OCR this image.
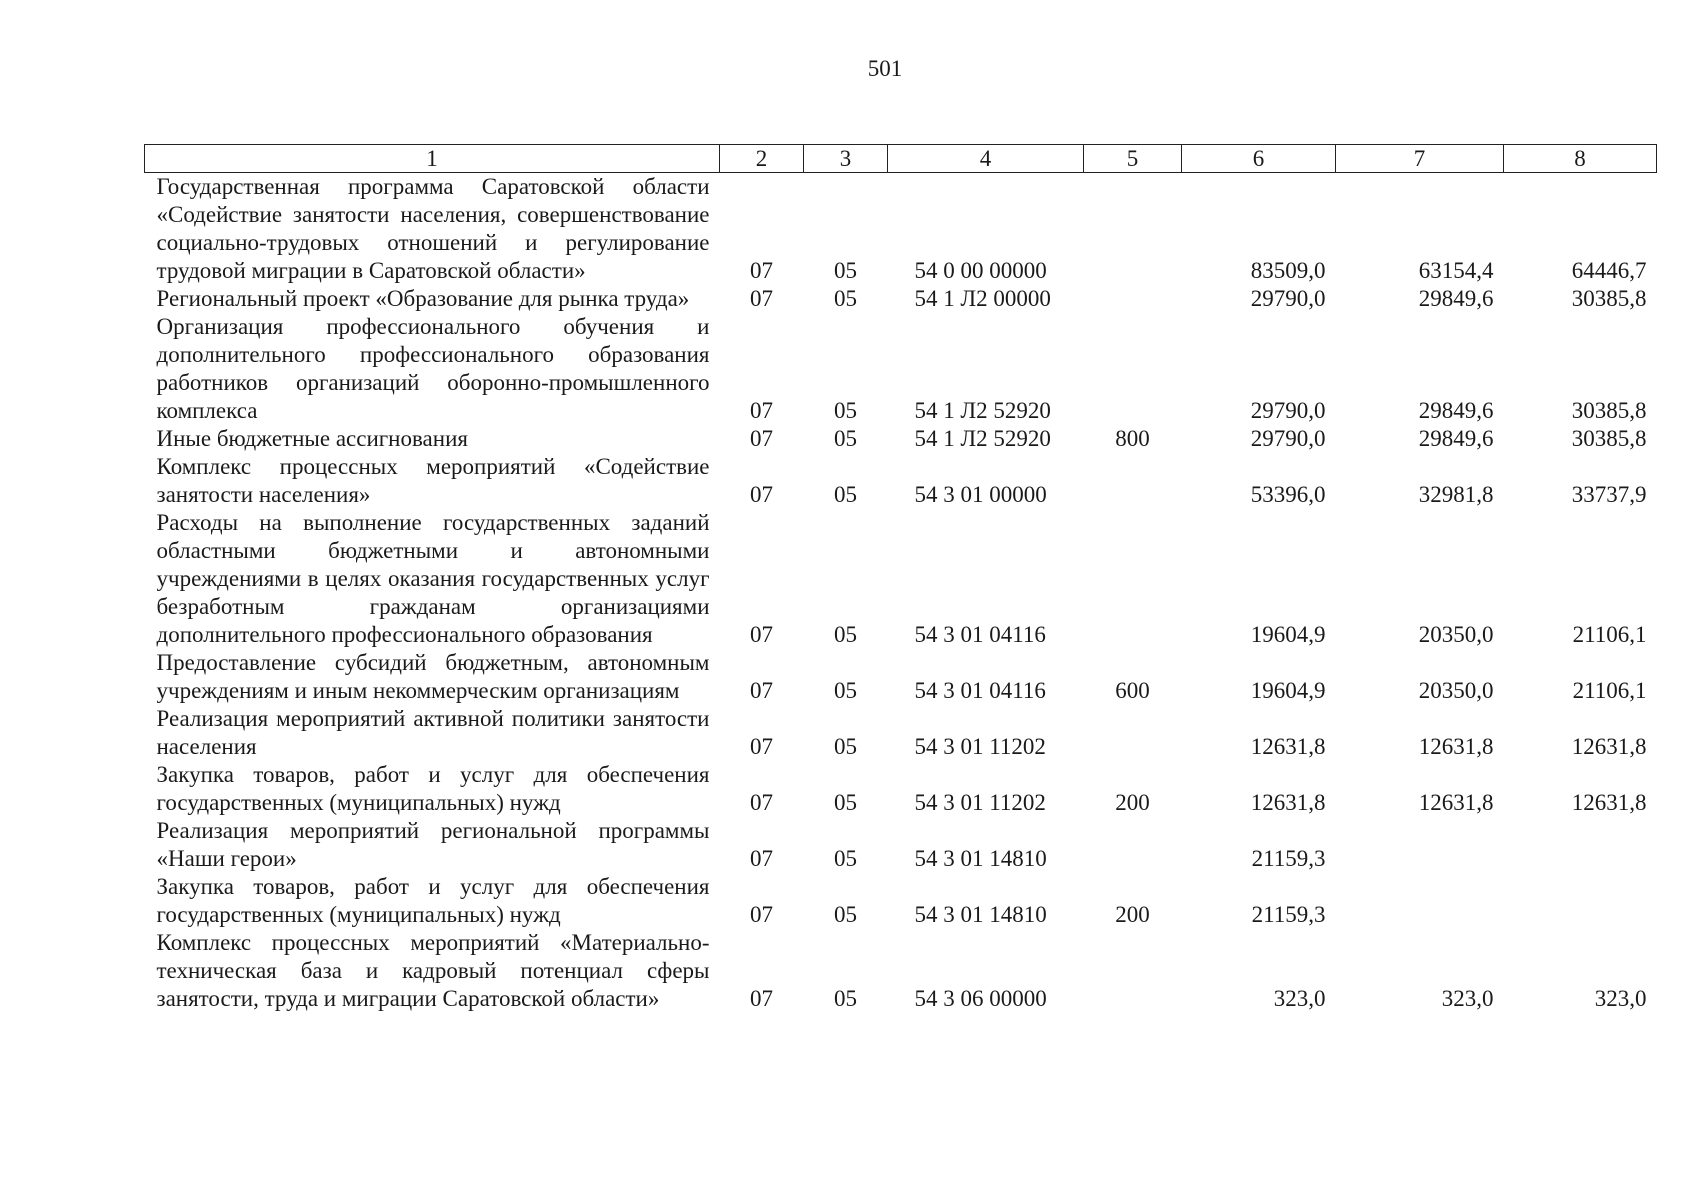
501
1	2	3	4	5	6	7	8
Государственная программа Саратовской области «Содействие занятости населения, совершенствование социально-трудовых отношений и регулирование трудовой миграции в Саратовской области»	07	05	54 0 00 00000		83509,0	63154,4	64446,7
Региональный проект «Образование для рынка труда»	07	05	54 1 Л2 00000		29790,0	29849,6	30385,8
Организация профессионального обучения и дополнительного профессионального образования работников организаций оборонно-промышленного комплекса	07	05	54 1 Л2 52920		29790,0	29849,6	30385,8
Иные бюджетные ассигнования	07	05	54 1 Л2 52920	800	29790,0	29849,6	30385,8
Комплекс процессных мероприятий «Содействие занятости населения»	07	05	54 3 01 00000		53396,0	32981,8	33737,9
Расходы на выполнение государственных заданий областными бюджетными и автономными учреждениями в целях оказания государственных услуг безработным гражданам организациями дополнительного профессионального образования	07	05	54 3 01 04116		19604,9	20350,0	21106,1
Предоставление субсидий бюджетным, автономным учреждениям и иным некоммерческим организациям	07	05	54 3 01 04116	600	19604,9	20350,0	21106,1
Реализация мероприятий активной политики занятости населения	07	05	54 3 01 11202		12631,8	12631,8	12631,8
Закупка товаров, работ и услуг для обеспечения государственных (муниципальных) нужд	07	05	54 3 01 11202	200	12631,8	12631,8	12631,8
Реализация мероприятий региональной программы «Наши герои»	07	05	54 3 01 14810		21159,3		
Закупка товаров, работ и услуг для обеспечения государственных (муниципальных) нужд	07	05	54 3 01 14810	200	21159,3		
Комплекс процессных мероприятий «Материально-техническая база и кадровый потенциал сферы занятости, труда и миграции Саратовской области»	07	05	54 3 06 00000		323,0	323,0	323,0
